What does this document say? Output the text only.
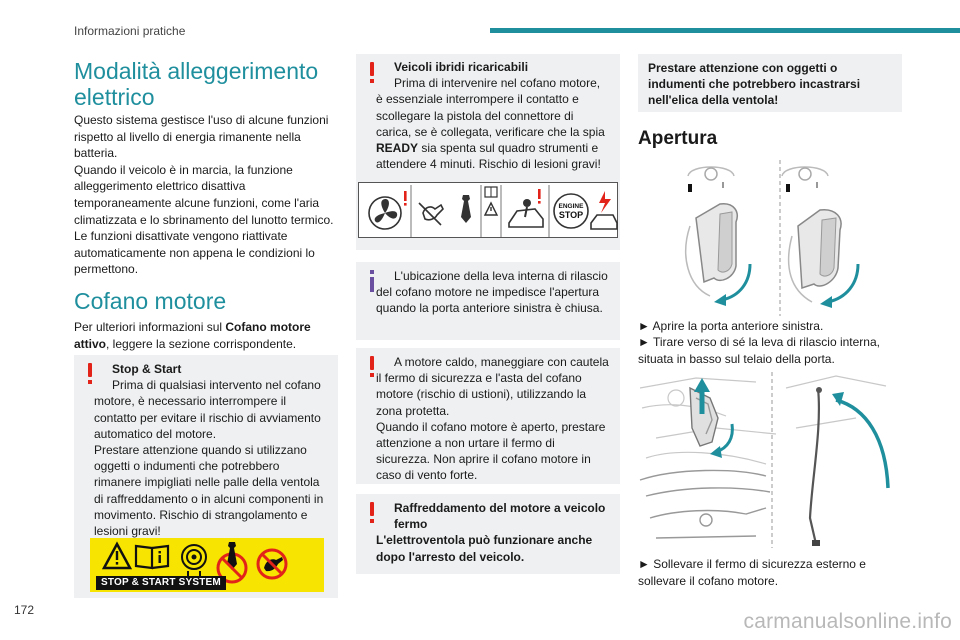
Informazioni pratiche
Modalità alleggerimento elettrico

Questo sistema gestisce l'uso di alcune funzioni rispetto al livello di energia rimanente nella batteria.

Quando il veicolo è in marcia, la funzione alleggerimento elettrico disattiva temporaneamente alcune funzioni, come l'aria climatizzata e lo sbrinamento del lunotto termico.

Le funzioni disattivate vengono riattivate automaticamente non appena le condizioni lo permettono.

Cofano motore

Per ulteriori informazioni sul Cofano motore attivo, leggere la sezione corrispondente.

Stop & Start
Prima di qualsiasi intervento nel cofano
motore, è necessario interrompere il contatto per evitare il rischio di avviamento automatico del motore.
Prestare attenzione quando si utilizzano oggetti o indumenti che potrebbero rimanere impigliati nelle palle della ventola di raffreddamento o in alcuni componenti in movimento. Rischio di strangolamento e lesioni gravi!
STOP & START SYSTEM
Veicoli ibridi ricaricabili
Prima di intervenire nel cofano motore,
è essenziale interrompere il contatto e scollegare la pistola del connettore di carica, se è collegata, verificare che la spia READY sia spenta sul quadro strumenti e attendere 4 minuti. Rischio di lesioni gravi!
ENGINE
STOP
L'ubicazione della leva interna di rilascio
del cofano motore ne impedisce l'apertura quando la porta anteriore sinistra è chiusa.
A motore caldo, maneggiare con cautela
il fermo di sicurezza e l'asta del cofano motore (rischio di ustioni), utilizzando la zona protetta.
Quando il cofano motore è aperto, prestare attenzione a non urtare il fermo di sicurezza. Non aprire il cofano motore in caso di vento forte.
Raffreddamento del motore a veicolo
fermo
L'elettroventola può funzionare anche dopo l'arresto del veicolo.
Prestare attenzione con oggetti o indumenti che potrebbero incastrarsi nell'elica della ventola!
Apertura
► Aprire la porta anteriore sinistra.
► Tirare verso di sé la leva di rilascio interna, situata in basso sul telaio della porta.
► Sollevare il fermo di sicurezza esterno e sollevare il cofano motore.
172	carmanualsonline.info
